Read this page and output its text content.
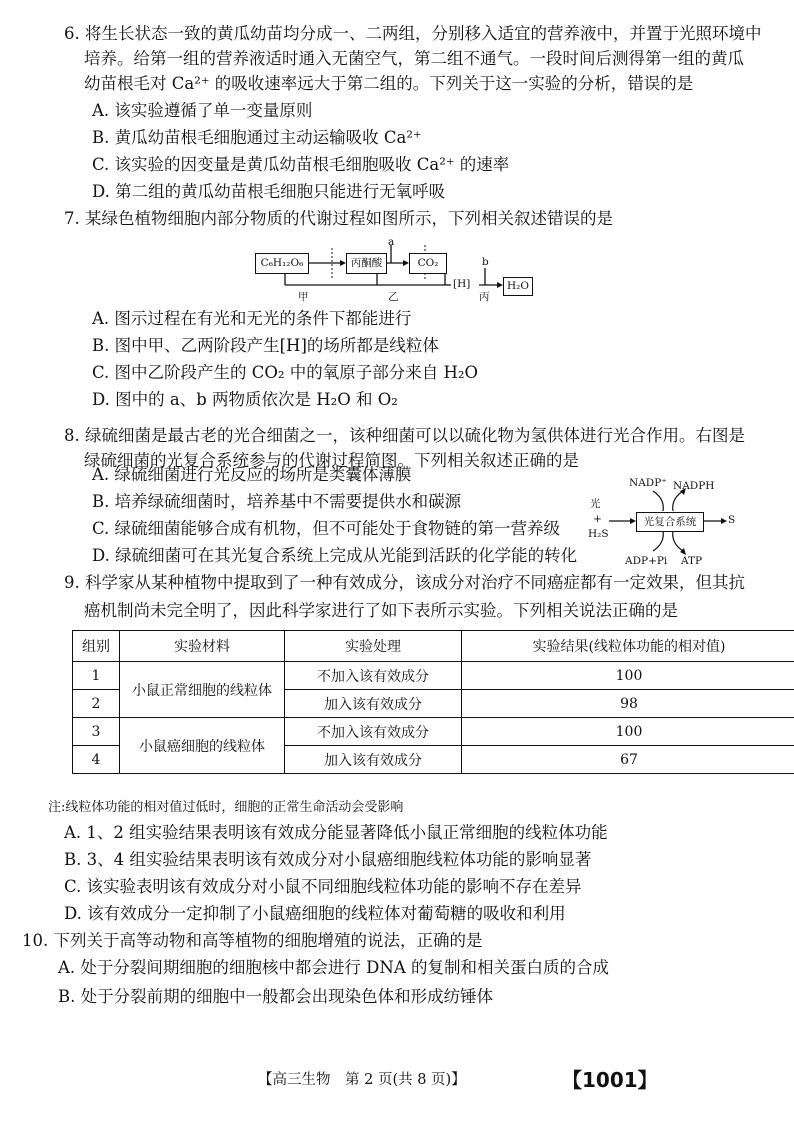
6. 将生长状态一致的黄瓜幼苗均分成一、二两组，分别移入适宜的营养液中，并置于光照环境中
培养。给第一组的营养液适时通入无菌空气，第二组不通气。一段时间后测得第一组的黄瓜
幼苗根毛对 Ca²⁺ 的吸收速率远大于第二组的。下列关于这一实验的分析，错误的是
A. 该实验遵循了单一变量原则
B. 黄瓜幼苗根毛细胞通过主动运输吸收 Ca²⁺
C. 该实验的因变量是黄瓜幼苗根毛细胞吸收 Ca²⁺ 的速率
D. 第二组的黄瓜幼苗根毛细胞只能进行无氧呼吸
7. 某绿色植物细胞内部分物质的代谢过程如图所示，下列相关叙述错误的是
C₆H₁₂O₆	丙酮酸	CO₂
H₂O
a
b
[H]
甲	乙	丙
A. 图示过程在有光和无光的条件下都能进行
B. 图中甲、乙两阶段产生[H]的场所都是线粒体
C. 图中乙阶段产生的 CO₂ 中的氧原子部分来自 H₂O
D. 图中的 a、b 两物质依次是 H₂O 和 O₂
8. 绿硫细菌是最古老的光合细菌之一，该种细菌可以以硫化物为氢供体进行光合作用。右图是
绿硫细菌的光复合系统参与的代谢过程简图。下列相关叙述正确的是
A. 绿硫细菌进行光反应的场所是类囊体薄膜
B. 培养绿硫细菌时，培养基中不需要提供水和碳源
C. 绿硫细菌能够合成有机物，但不可能处于食物链的第一营养级
D. 绿硫细菌可在其光复合系统上完成从光能到活跃的化学能的转化
光复合系统
NADP⁺ NADPH
光
+
H₂S
S
ADP+Pi ATP
9. 科学家从某种植物中提取到了一种有效成分，该成分对治疗不同癌症都有一定效果，但其抗
癌机制尚未完全明了，因此科学家进行了如下表所示实验。下列相关说法正确的是
组别	实验材料	实验处理	实验结果(线粒体功能的相对值)
1	小鼠正常细胞的线粒体	不加入该有效成分	100
2		加入该有效成分	98
3	小鼠癌细胞的线粒体	不加入该有效成分	100
4		加入该有效成分	67
注:线粒体功能的相对值过低时，细胞的正常生命活动会受影响
A. 1、2 组实验结果表明该有效成分能显著降低小鼠正常细胞的线粒体功能
B. 3、4 组实验结果表明该有效成分对小鼠癌细胞线粒体功能的影响显著
C. 该实验表明该有效成分对小鼠不同细胞线粒体功能的影响不存在差异
D. 该有效成分一定抑制了小鼠癌细胞的线粒体对葡萄糖的吸收和利用
10. 下列关于高等动物和高等植物的细胞增殖的说法，正确的是
A. 处于分裂间期细胞的细胞核中都会进行 DNA 的复制和相关蛋白质的合成
B. 处于分裂前期的细胞中一般都会出现染色体和形成纺锤体
【高三生物　第 2 页(共 8 页)】	【1001】
